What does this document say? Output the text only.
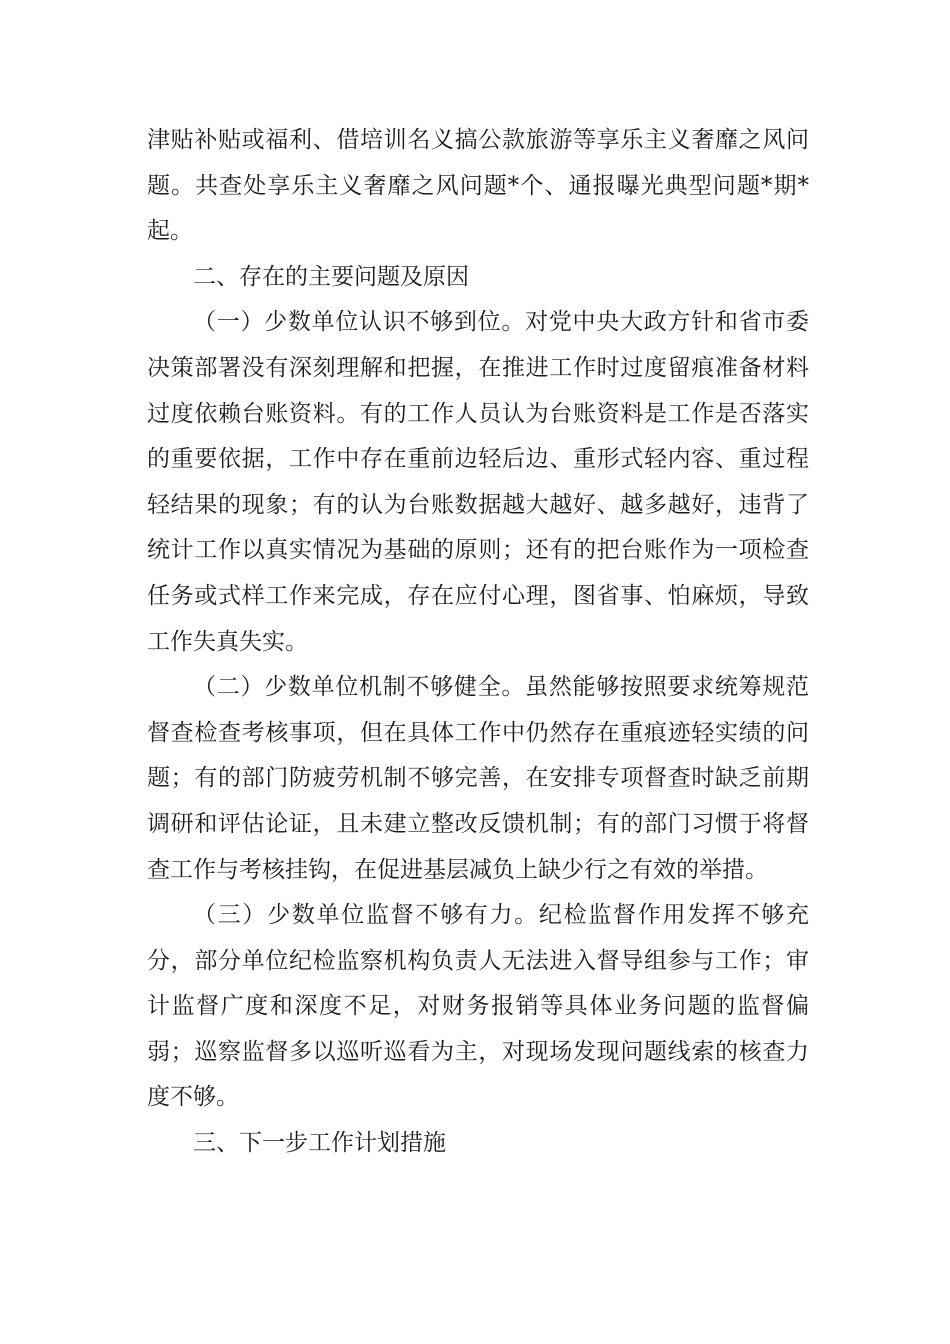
津贴补贴或福利、借培训名义搞公款旅游等享乐主义奢靡之风问题。共查处享乐主义奢靡之风问题*个、通报曝光典型问题*期*起。

二、存在的主要问题及原因

（一）少数单位认识不够到位。对党中央大政方针和省市委决策部署没有深刻理解和把握，在推进工作时过度留痕准备材料过度依赖台账资料。有的工作人员认为台账资料是工作是否落实的重要依据，工作中存在重前边轻后边、重形式轻内容、重过程轻结果的现象；有的认为台账数据越大越好、越多越好，违背了统计工作以真实情况为基础的原则；还有的把台账作为一项检查任务或式样工作来完成，存在应付心理，图省事、怕麻烦，导致工作失真失实。

（二）少数单位机制不够健全。虽然能够按照要求统筹规范督查检查考核事项，但在具体工作中仍然存在重痕迹轻实绩的问题；有的部门防疲劳机制不够完善，在安排专项督查时缺乏前期调研和评估论证，且未建立整改反馈机制；有的部门习惯于将督查工作与考核挂钩，在促进基层减负上缺少行之有效的举措。

（三）少数单位监督不够有力。纪检监督作用发挥不够充分，部分单位纪检监察机构负责人无法进入督导组参与工作；审计监督广度和深度不足，对财务报销等具体业务问题的监督偏弱；巡察监督多以巡听巡看为主，对现场发现问题线索的核查力度不够。

三、下一步工作计划措施
